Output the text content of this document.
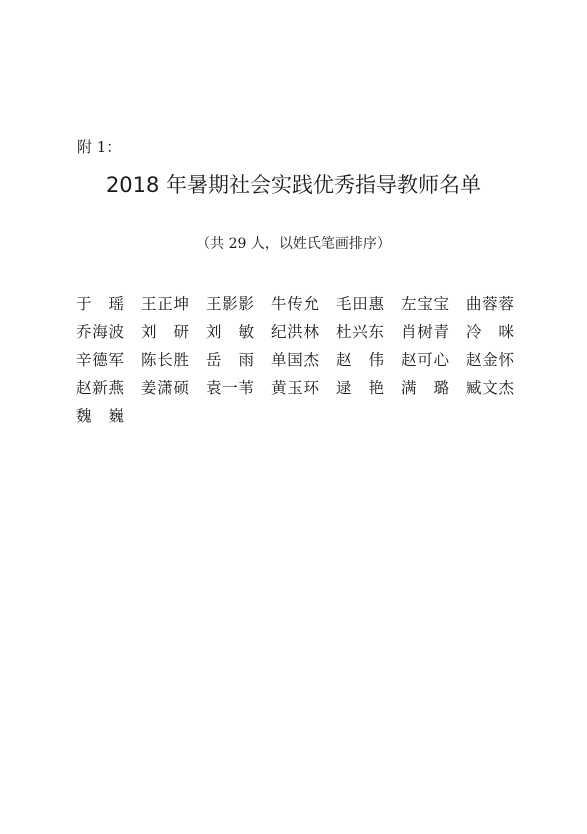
附 1：
2018 年暑期社会实践优秀指导教师名单
（共 29 人，以姓氏笔画排序）
于 瑶 王正坤 王影影 牛传允 毛田惠 左宝宝 曲蓉蓉
乔海波 刘 研 刘 敏 纪洪林 杜兴东 肖树青 冷 咪
辛德军 陈长胜 岳 雨 单国杰 赵 伟 赵可心 赵金怀
赵新燕 姜潇硕 袁一苇 黄玉环 逯 艳 满 璐 臧文杰
魏 巍
